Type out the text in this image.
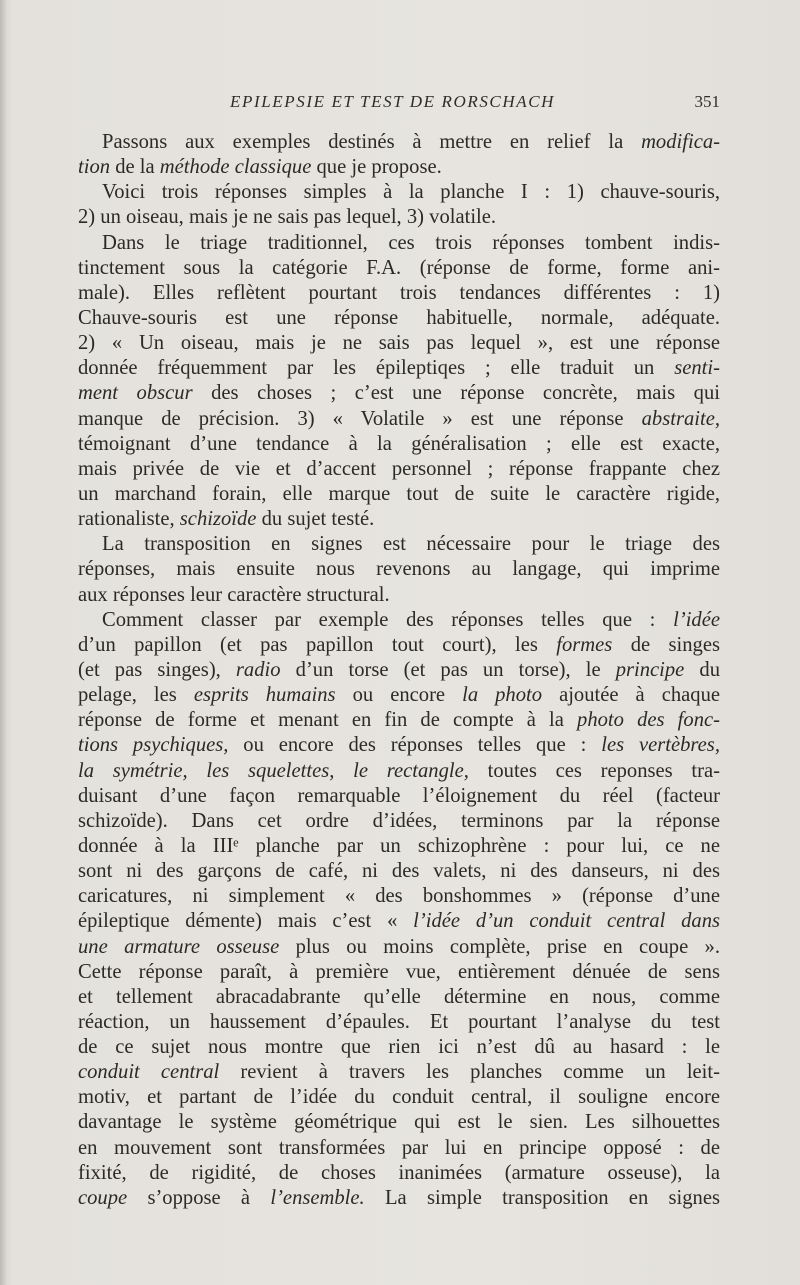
EPILEPSIE ET TEST DE RORSCHACH	351
Passons aux exemples destinés à mettre en relief la modifica-
tion de la méthode classique que je propose.
Voici trois réponses simples à la planche I : 1) chauve-souris,
2) un oiseau, mais je ne sais pas lequel, 3) volatile.
Dans le triage traditionnel, ces trois réponses tombent indis-
tinctement sous la catégorie F.A. (réponse de forme, forme ani-
male). Elles reflètent pourtant trois tendances différentes : 1)
Chauve-souris est une réponse habituelle, normale, adéquate.
2) « Un oiseau, mais je ne sais pas lequel », est une réponse
donnée fréquemment par les épileptiqes ; elle traduit un senti-
ment obscur des choses ; c’est une réponse concrète, mais qui
manque de précision. 3) « Volatile » est une réponse abstraite,
témoignant d’une tendance à la généralisation ; elle est exacte,
mais privée de vie et d’accent personnel ; réponse frappante chez
un marchand forain, elle marque tout de suite le caractère rigide,
rationaliste, schizoïde du sujet testé.
La transposition en signes est nécessaire pour le triage des
réponses, mais ensuite nous revenons au langage, qui imprime
aux réponses leur caractère structural.
Comment classer par exemple des réponses telles que : l’idée
d’un papillon (et pas papillon tout court), les formes de singes
(et pas singes), radio d’un torse (et pas un torse), le principe du
pelage, les esprits humains ou encore la photo ajoutée à chaque
réponse de forme et menant en fin de compte à la photo des fonc-
tions psychiques, ou encore des réponses telles que : les vertèbres,
la symétrie, les squelettes, le rectangle, toutes ces reponses tra-
duisant d’une façon remarquable l’éloignement du réel (facteur
schizoïde). Dans cet ordre d’idées, terminons par la réponse
donnée à la IIIᵉ planche par un schizophrène : pour lui, ce ne
sont ni des garçons de café, ni des valets, ni des danseurs, ni des
caricatures, ni simplement « des bonshommes » (réponse d’une
épileptique démente) mais c’est « l’idée d’un conduit central dans
une armature osseuse plus ou moins complète, prise en coupe ».
Cette réponse paraît, à première vue, entièrement dénuée de sens
et tellement abracadabrante qu’elle détermine en nous, comme
réaction, un haussement d’épaules. Et pourtant l’analyse du test
de ce sujet nous montre que rien ici n’est dû au hasard : le
conduit central revient à travers les planches comme un leit-
motiv, et partant de l’idée du conduit central, il souligne encore
davantage le système géométrique qui est le sien. Les silhouettes
en mouvement sont transformées par lui en principe opposé : de
fixité, de rigidité, de choses inanimées (armature osseuse), la
coupe s’oppose à l’ensemble. La simple transposition en signes
